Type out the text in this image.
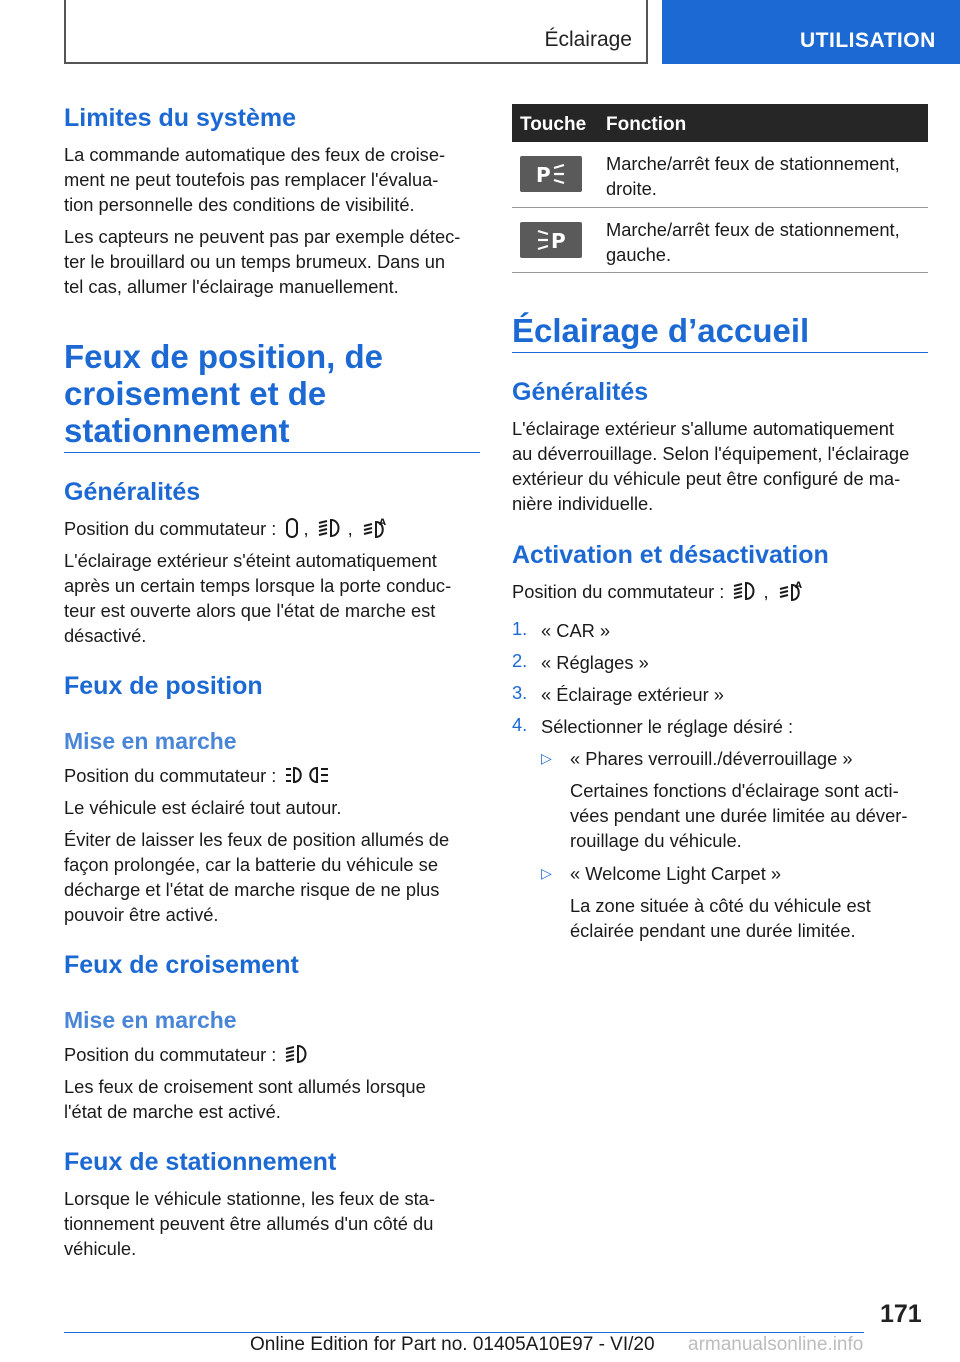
Éclairage	UTILISATION
Limites du système

La commande automatique des feux de croise-
ment ne peut toutefois pas remplacer l'évalua-
tion personnelle des conditions de visibilité.

Les capteurs ne peuvent pas par exemple détec-
ter le brouillard ou un temps brumeux. Dans un
tel cas, allumer l'éclairage manuellement.

Feux de position, de
croisement et de
stationnement
Généralités

Position du commutateur : ,
, A

L'éclairage extérieur s'éteint automatiquement
après un certain temps lorsque la porte conduc-
teur est ouverte alors que l'état de marche est
désactivé.

Feux de position
Mise en marche

Position du commutateur :

Le véhicule est éclairé tout autour.

Éviter de laisser les feux de position allumés de
façon prolongée, car la batterie du véhicule se
décharge et l'état de marche risque de ne plus
pouvoir être activé.

Feux de croisement
Mise en marche

Position du commutateur :

Les feux de croisement sont allumés lorsque
l'état de marche est activé.

Feux de stationnement

Lorsque le véhicule stationne, les feux de sta-
tionnement peuvent être allumés d'un côté du
véhicule.

Touche Fonction
P	Marche/arrêt feux de stationnement,
droite.
P Marche/arrêt feux de stationnement,
gauche.
Éclairage d’accueil
Généralités

L'éclairage extérieur s'allume automatiquement
au déverrouillage. Selon l'équipement, l'éclairage
extérieur du véhicule peut être configuré de ma-
nière individuelle.

Activation et désactivation

Position du commutateur : , A

1. « CAR »
2. « Réglages »
3. « Éclairage extérieur »
4. Sélectionner le réglage désiré :
▷ « Phares verrouill./déverrouillage »
Certaines fonctions d'éclairage sont acti-
vées pendant une durée limitée au déver-
rouillage du véhicule.
▷ « Welcome Light Carpet »
La zone située à côté du véhicule est
éclairée pendant une durée limitée.
171
Online Edition for Part no. 01405A10E97 - VI/20 armanualsonline.info
